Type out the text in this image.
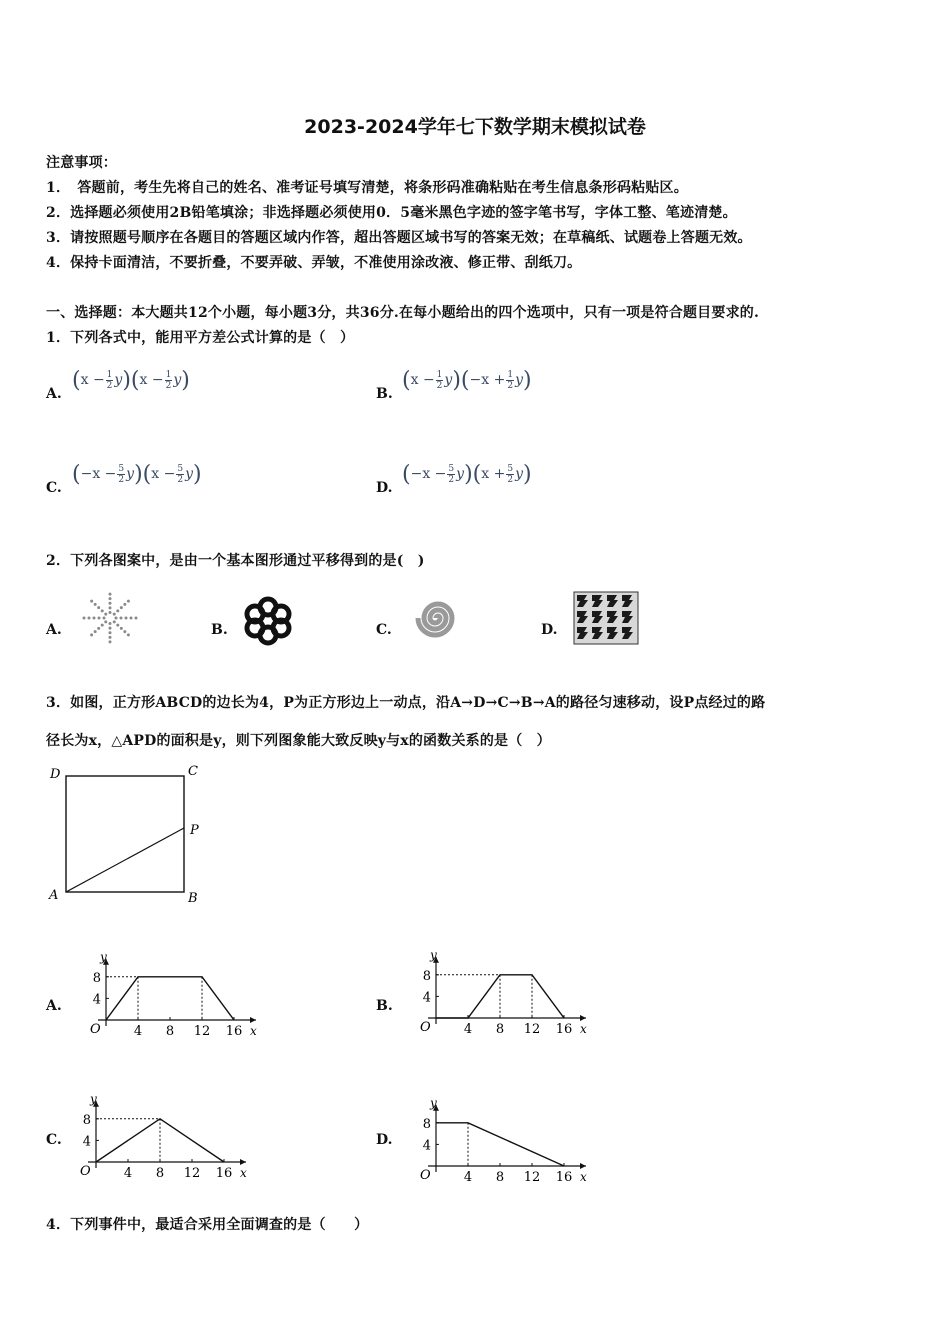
2023-2024学年七下数学期末模拟试卷
注意事项：
1．　答题前，考生先将自己的姓名、准考证号填写清楚，将条形码准确粘贴在考生信息条形码粘贴区。
2．选择题必须使用2B铅笔填涂；非选择题必须使用0．5毫米黑色字迹的签字笔书写，字体工整、笔迹清楚。
3．请按照题号顺序在各题目的答题区域内作答，超出答题区域书写的答案无效；在草稿纸、试题卷上答题无效。
4．保持卡面清洁，不要折叠，不要弄破、弄皱，不准使用涂改液、修正带、刮纸刀。
一、选择题：本大题共12个小题，每小题3分，共36分.在每小题给出的四个选项中，只有一项是符合题目要求的.
1．下列各式中，能用平方差公式计算的是（　）
A.
$(x - \frac{1}{2} y)(x - \frac{1}{2} y)$
B.
$(x - \frac{1}{2} y)(-x + \frac{1}{2} y)$
C.
$(-x - \frac{5}{2} y)(x - \frac{5}{2} y)$
D.
$(-x - \frac{5}{2} y)(x + \frac{5}{2} y)$
2．下列各图案中，是由一个基本图形通过平移得到的是(　)
A.	B.	C.	D.
3．如图，正方形ABCD的边长为4，P为正方形边上一动点，沿A→D→C→B→A的路径匀速移动，设P点经过的路
径长为x，△APD的面积是y，则下列图象能大致反映y与x的函数关系的是（　）
D	C
P
A	B
A.
y
x
O	4 8 12 16
4
8
B.
y
x
O	4 8 12 16
4
8
C.
y
x
O	4 8 12 16
4
8
D.
y
x
O	4 8 12 16
4
8
4．下列事件中，最适合采用全面调查的是（　　）
